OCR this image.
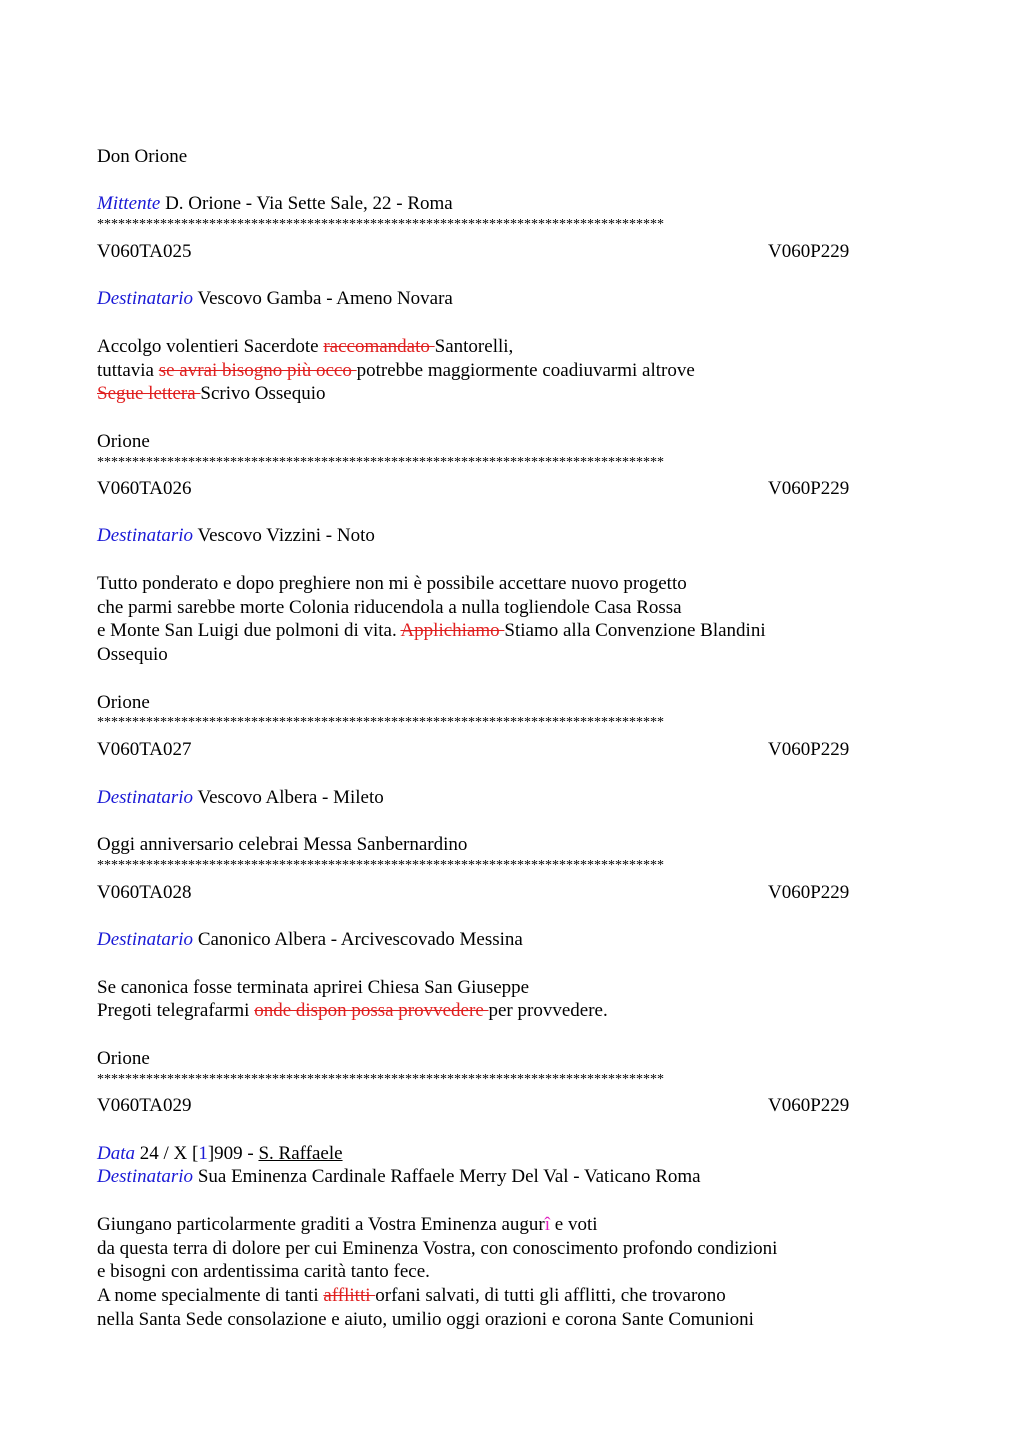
Don Orione
Mittente D. Orione - Via Sette Sale, 22 - Roma
*********************************************************************************
V060TA025	V060P229
Destinatario Vescovo Gamba - Ameno Novara
Accolgo volentieri Sacerdote raccomandato Santorelli,
tuttavia se avrai bisogno più occo potrebbe maggiormente coadiuvarmi altrove
Segue lettera Scrivo Ossequio
Orione
*********************************************************************************
V060TA026	V060P229
Destinatario Vescovo Vizzini - Noto
Tutto ponderato e dopo preghiere non mi è possibile accettare nuovo progetto
che parmi sarebbe morte Colonia riducendola a nulla togliendole Casa Rossa
e Monte San Luigi due polmoni di vita. Applichiamo Stiamo alla Convenzione Blandini
Ossequio
Orione
*********************************************************************************
V060TA027	V060P229
Destinatario Vescovo Albera - Mileto
Oggi anniversario celebrai Messa Sanbernardino
*********************************************************************************
V060TA028	V060P229
Destinatario Canonico Albera - Arcivescovado Messina
Se canonica fosse terminata aprirei Chiesa San Giuseppe
Pregoti telegrafarmi onde dispon possa provvedere per provvedere.
Orione
*********************************************************************************
V060TA029	V060P229
Data 24 / X [1]909 - S. Raffaele
Destinatario Sua Eminenza Cardinale Raffaele Merry Del Val - Vaticano Roma
Giungano particolarmente graditi a Vostra Eminenza augurî e voti
da questa terra di dolore per cui Eminenza Vostra, con conoscimento profondo condizioni
e bisogni con ardentissima carità tanto fece.
A nome specialmente di tanti afflitti orfani salvati, di tutti gli afflitti, che trovarono
nella Santa Sede consolazione e aiuto, umilio oggi orazioni e corona Sante Comunioni
